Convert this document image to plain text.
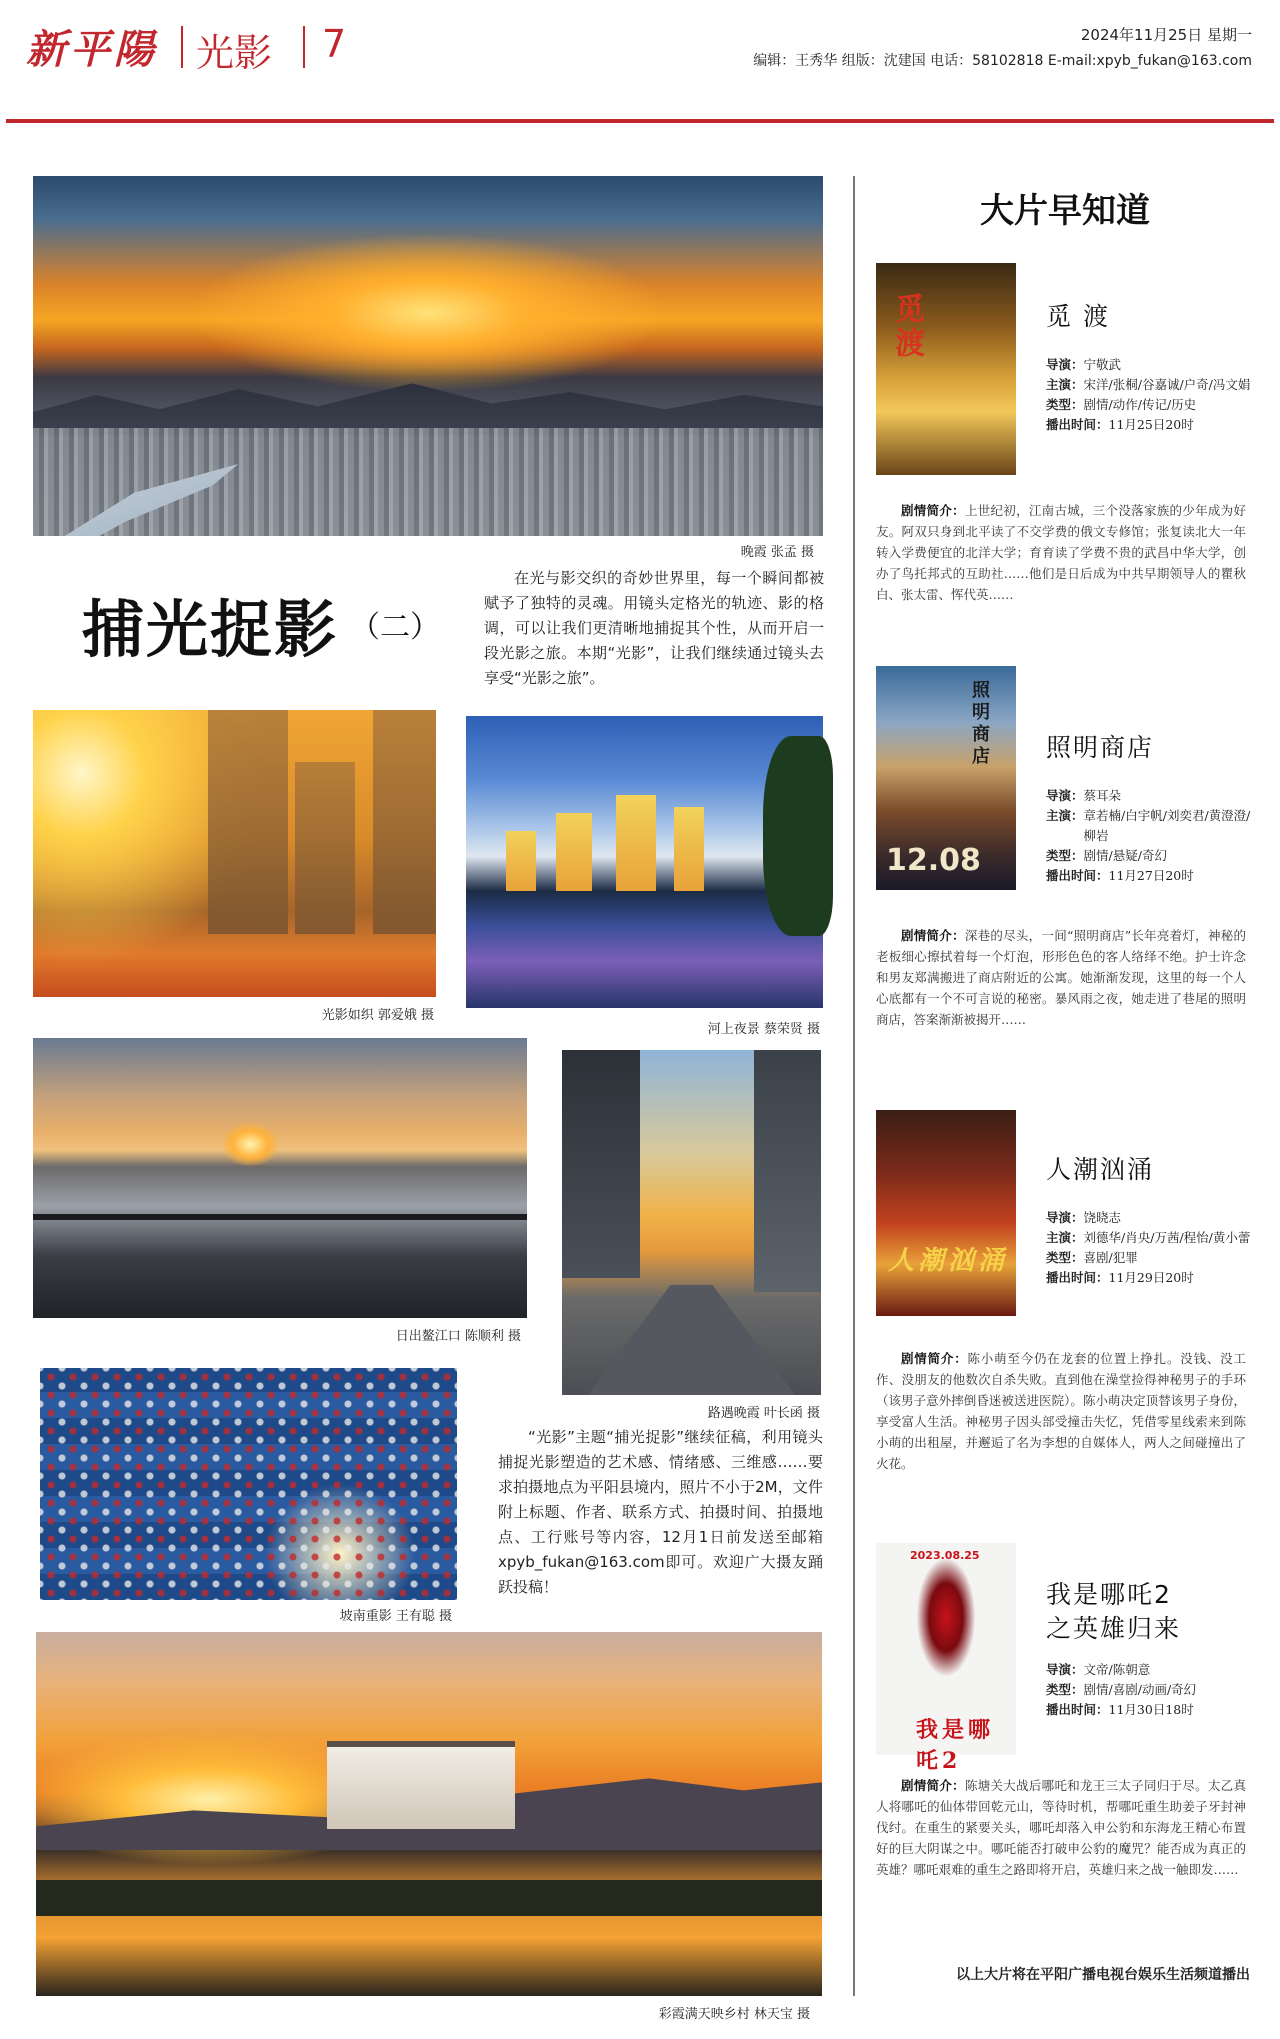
新平陽 光影 7	2024年11月25日 星期一
编辑：王秀华 组版：沈建国 电话：58102818 E-mail:xpyb_fukan@163.com
晚霞 张孟 摄
捕光捉影 （二）

在光与影交织的奇妙世界里，每一个瞬间都被赋予了独特的灵魂。用镜头定格光的轨迹、影的格调，可以让我们更清晰地捕捉其个性，从而开启一段光影之旅。本期“光影”，让我们继续通过镜头去享受“光影之旅”。

光影如织 郭爱娥 摄
河上夜景 蔡荣贤 摄
日出鳌江口 陈顺利 摄
路遇晚霞 叶长函 摄
坡南重影 王有聪 摄

“光影”主题“捕光捉影”继续征稿，利用镜头捕捉光影塑造的艺术感、情绪感、三维感……要求拍摄地点为平阳县境内，照片不小于2M，文件附上标题、作者、联系方式、拍摄时间、拍摄地点、工行账号等内容，12月1日前发送至邮箱xpyb_fukan@163.com即可。欢迎广大摄友踊跃投稿！

彩霞满天映乡村 林天宝 摄
大片早知道
觅渡	觅 渡
导演： 宁敬武
主演： 宋洋/张桐/谷嘉诚/户奇/冯文娟
类型： 剧情/动作/传记/历史
播出时间： 11月25日20时

剧情简介：上世纪初，江南古城，三个没落家族的少年成为好友。阿双只身到北平读了不交学费的俄文专修馆；张复读北大一年转入学费便宜的北洋大学；育育读了学费不贵的武昌中华大学，创办了鸟托邦式的互助社……他们是日后成为中共早期领导人的瞿秋白、张太雷、恽代英……

照明商店
12.08
照明商店
导演： 蔡耳朵
主演： 章若楠/白宇帆/刘奕君/黄澄澄/柳岩
类型： 剧情/悬疑/奇幻
播出时间： 11月27日20时

剧情简介：深巷的尽头，一间“照明商店”长年亮着灯，神秘的老板细心擦拭着每一个灯泡，形形色色的客人络绎不绝。护士许念和男友郑满搬进了商店附近的公寓。她渐渐发现，这里的每一个人心底都有一个不可言说的秘密。暴风雨之夜，她走进了巷尾的照明商店，答案渐渐被揭开……

人潮汹涌
人潮汹涌
导演： 饶晓志
主演： 刘德华/肖央/万茜/程怡/黄小蕾
类型： 喜剧/犯罪
播出时间： 11月29日20时

剧情简介：陈小萌至今仍在龙套的位置上挣扎。没钱、没工作、没朋友的他数次自杀失败。直到他在澡堂捡得神秘男子的手环（该男子意外摔倒昏迷被送进医院）。陈小萌决定顶替该男子身份，享受富人生活。神秘男子因头部受撞击失忆，凭借零星线索来到陈小萌的出租屋，并邂逅了名为李想的自媒体人，两人之间碰撞出了火花。

2023.08.25
我是哪吒2
我是哪吒2
之英雄归来
导演： 文帝/陈朝意
类型： 剧情/喜剧/动画/奇幻
播出时间： 11月30日18时

剧情简介：陈塘关大战后哪吒和龙王三太子同归于尽。太乙真人将哪吒的仙体带回乾元山，等待时机，帮哪吒重生助姜子牙封神伐纣。在重生的紧要关头，哪吒却落入申公豹和东海龙王精心布置好的巨大阴谋之中。哪吒能否打破申公豹的魔咒？能否成为真正的英雄？哪吒艰难的重生之路即将开启，英雄归来之战一触即发……

以上大片将在平阳广播电视台娱乐生活频道播出
